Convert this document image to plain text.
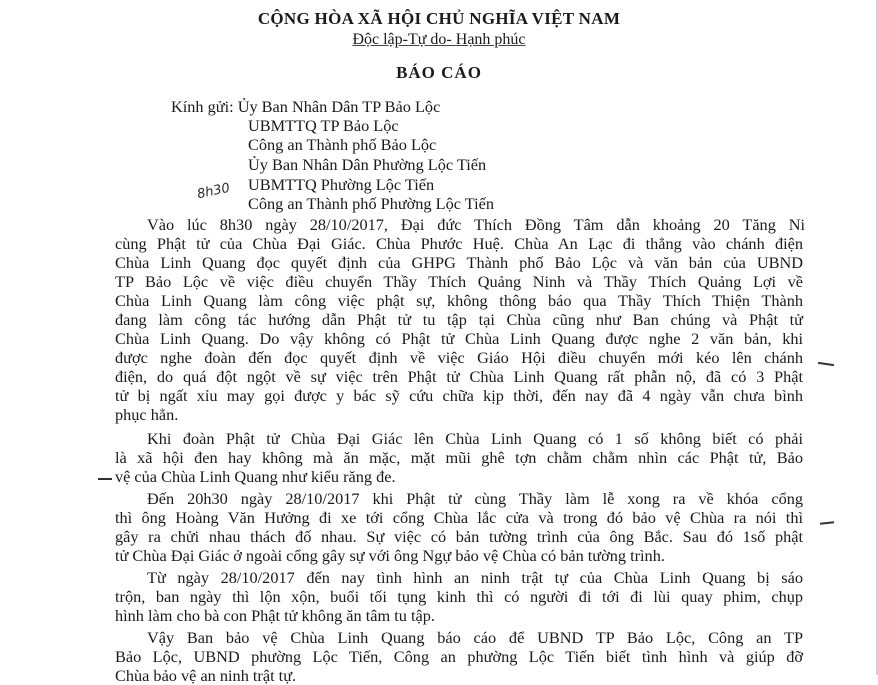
CỘNG HÒA XÃ HỘI CHỦ NGHĨA VIỆT NAM
Độc lập-Tự do- Hạnh phúc
BÁO CÁO
Kính gửi: Ủy Ban Nhân Dân TP Bảo Lộc
UBMTTQ TP Bảo Lộc
Công an Thành phố Bảo Lộc
Ủy Ban Nhân Dân Phường Lộc Tiến
UBMTTQ Phường Lộc Tiến
Công an Thành phố Phường Lộc Tiến
8h30
Vào lúc 8h30 ngày 28/10/2017, Đại đức Thích Đồng Tâm dẫn khoảng 20 Tăng Ni
cùng Phật tử của Chùa Đại Giác. Chùa Phước Huệ. Chùa An Lạc đi thẳng vào chánh điện
Chùa Linh Quang đọc quyết định của GHPG Thành phố Bảo Lộc và văn bản của UBND
TP Bảo Lộc về việc điều chuyển Thầy Thích Quảng Ninh và Thầy Thích Quảng Lợi về
Chùa Linh Quang làm công việc phật sự, không thông báo qua Thầy Thích Thiện Thành
đang làm công tác hướng dẫn Phật tử tu tập tại Chùa cũng như Ban chúng và Phật tử
Chùa Linh Quang. Do vậy không có Phật tử Chùa Linh Quang được nghe 2 văn bản, khi
được nghe đoàn đến đọc quyết định về việc Giáo Hội điều chuyển mới kéo lên chánh
điện, do quá đột ngột về sự việc trên Phật tử Chùa Linh Quang rất phẫn nộ, đã có 3 Phật
tử bị ngất xỉu may gọi được y bác sỹ cứu chữa kịp thời, đến nay đã 4 ngày vẫn chưa bình
phục hẳn.
Khi đoàn Phật tử Chùa Đại Giác lên Chùa Linh Quang có 1 số không biết có phải
là xã hội đen hay không mà ăn mặc, mặt mũi ghê tợn chằm chằm nhìn các Phật tử, Bảo
vệ của Chùa Linh Quang như kiểu răng đe.
Đến 20h30 ngày 28/10/2017 khi Phật tử cùng Thầy làm lễ xong ra về khóa cổng
thì ông Hoàng Văn Hưởng đi xe tới cổng Chùa lắc cửa và trong đó bảo vệ Chùa ra nói thì
gây ra chửi nhau thách đố nhau. Sự việc có bản tường trình của ông Bắc. Sau đó 1số phật
tử Chùa Đại Giác ở ngoài cổng gây sự với ông Ngự bảo vệ Chùa có bản tường trình.
Từ ngày 28/10/2017 đến nay tình hình an ninh trật tự của Chùa Linh Quang bị sáo
trộn, ban ngày thì lộn xộn, buổi tối tụng kinh thì có người đi tới đi lùi quay phim, chụp
hình làm cho bà con Phật tử không ăn tâm tu tập.
Vậy Ban bảo vệ Chùa Linh Quang báo cáo để UBND TP Bảo Lộc, Công an TP
Bảo Lộc, UBND phường Lộc Tiến, Công an phường Lộc Tiến biết tình hình và giúp đỡ
Chùa bảo vệ an ninh trật tự.
